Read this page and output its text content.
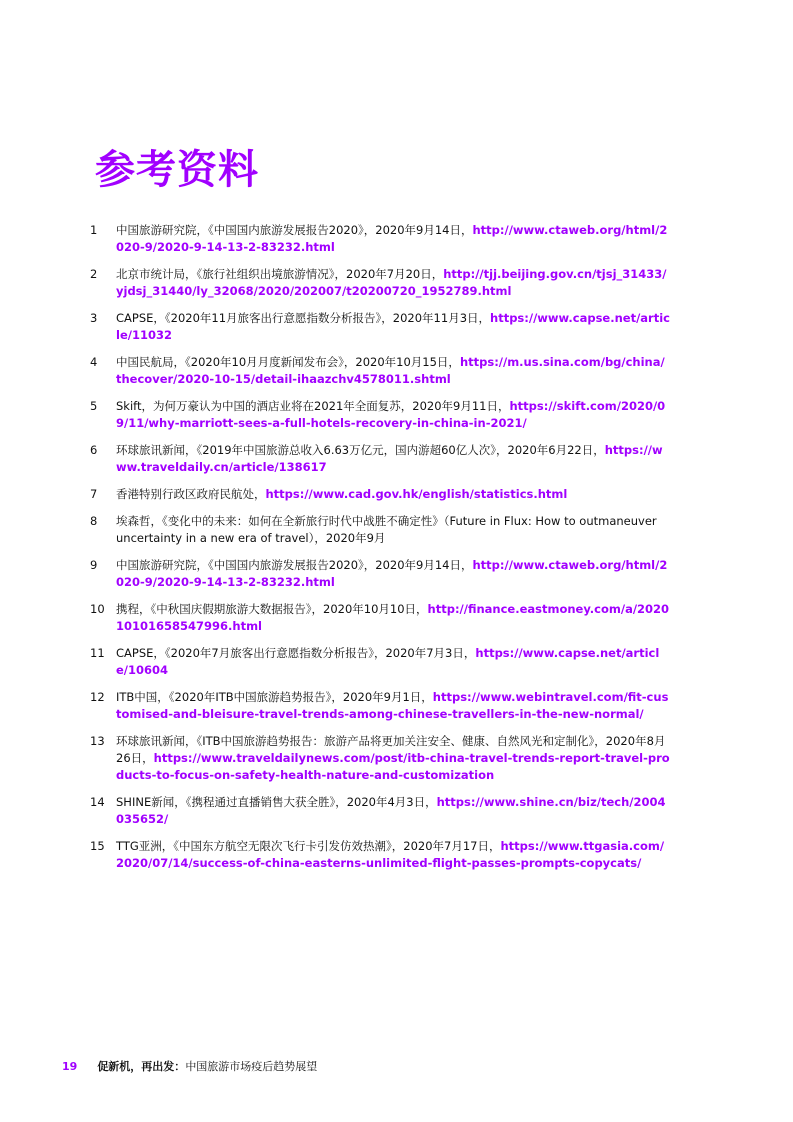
参考资料
1	中国旅游研究院，《中国国内旅游发展报告2020》，2020年9月14日，http://www.ctaweb.org/html/2020-9/2020-9-14-13-2-83232.html
2	北京市统计局，《旅行社组织出境旅游情况》，2020年7月20日，http://tjj.beijing.gov.cn/tjsj_31433/yjdsj_31440/ly_32068/2020/202007/t20200720_1952789.html
3	CAPSE，《2020年11月旅客出行意愿指数分析报告》，2020年11月3日，https://www.capse.net/article/11032
4	中国民航局，《2020年10月月度新闻发布会》，2020年10月15日，https://m.us.sina.com/bg/china/thecover/2020-10-15/detail-ihaazchv4578011.shtml
5	Skift，为何万豪认为中国的酒店业将在2021年全面复苏，2020年9月11日，https://skift.com/2020/09/11/why-marriott-sees-a-full-hotels-recovery-in-china-in-2021/
6	环球旅讯新闻，《2019年中国旅游总收入6.63万亿元，国内游超60亿人次》，2020年6月22日，https://www.traveldaily.cn/article/138617
7	香港特别行政区政府民航处，https://www.cad.gov.hk/english/statistics.html
8	埃森哲，《变化中的未来：如何在全新旅行时代中战胜不确定性》（Future in Flux: How to outmaneuver uncertainty in a new era of travel），2020年9月
9	中国旅游研究院，《中国国内旅游发展报告2020》，2020年9月14日，http://www.ctaweb.org/html/2020-9/2020-9-14-13-2-83232.html
10 携程，《中秋国庆假期旅游大数据报告》，2020年10月10日，http://finance.eastmoney.com/a/202010101658547996.html
11 CAPSE，《2020年7月旅客出行意愿指数分析报告》，2020年7月3日，https://www.capse.net/article/10604
12 ITB中国，《2020年ITB中国旅游趋势报告》，2020年9月1日，https://www.webintravel.com/fit-customised-and-bleisure-travel-trends-among-chinese-travellers-in-the-new-normal/
13 环球旅讯新闻，《ITB中国旅游趋势报告：旅游产品将更加关注安全、健康、自然风光和定制化》，2020年8月26日，https://www.traveldailynews.com/post/itb-china-travel-trends-report-travel-products-to-focus-on-safety-health-nature-and-customization
14 SHINE新闻，《携程通过直播销售大获全胜》，2020年4月3日，https://www.shine.cn/biz/tech/2004035652/
15 TTG亚洲，《中国东方航空无限次飞行卡引发仿效热潮》，2020年7月17日，https://www.ttgasia.com/2020/07/14/success-of-china-easterns-unlimited-flight-passes-prompts-copycats/
19 促新机，再出发：中国旅游市场疫后趋势展望
